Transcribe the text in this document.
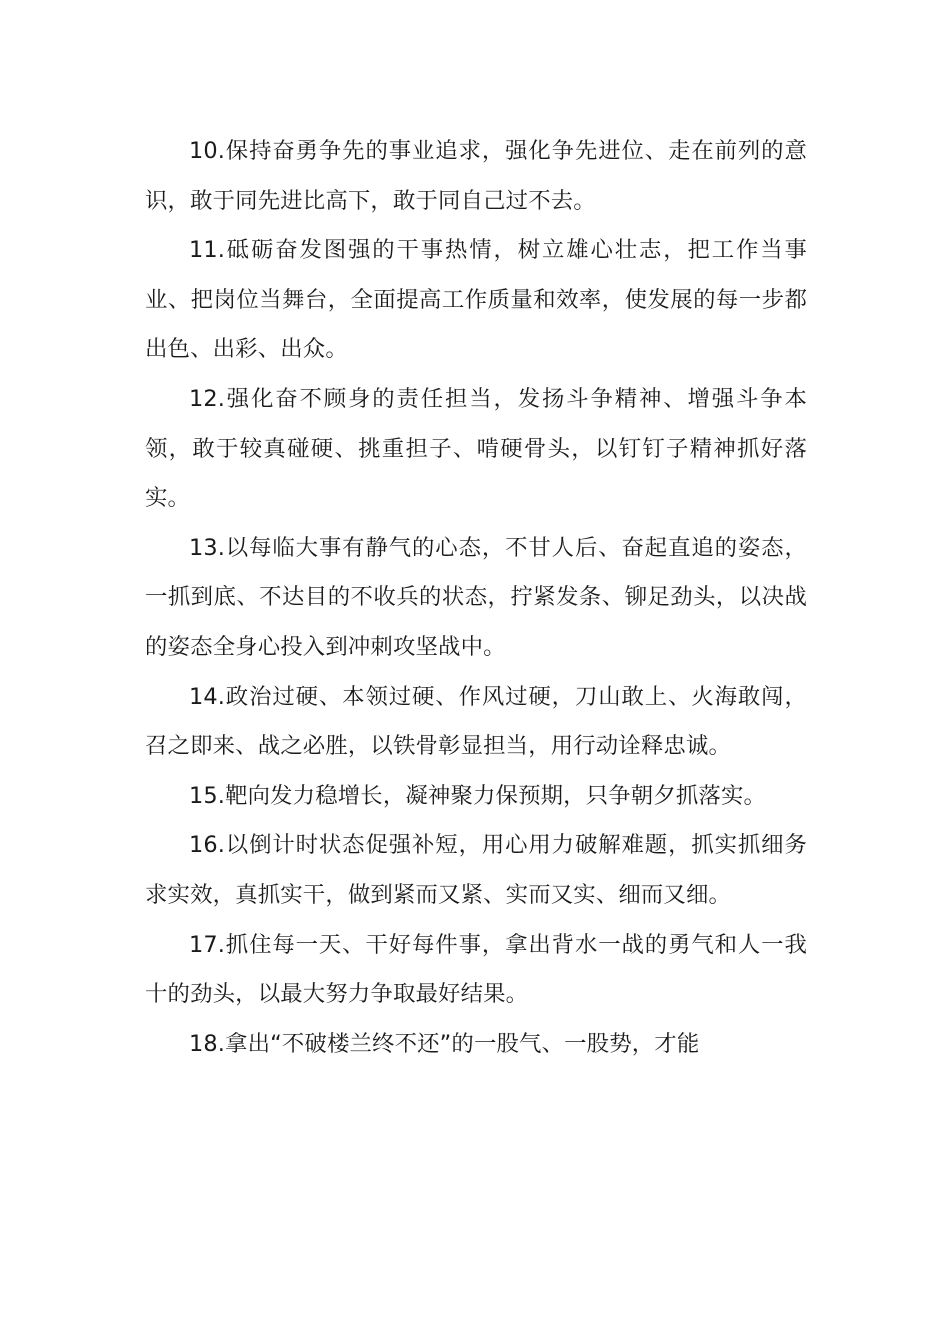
10.保持奋勇争先的事业追求，强化争先进位、走在前列的意识，敢于同先进比高下，敢于同自己过不去。

11.砥砺奋发图强的干事热情，树立雄心壮志，把工作当事业、把岗位当舞台，全面提高工作质量和效率，使发展的每一步都出色、出彩、出众。

12.强化奋不顾身的责任担当，发扬斗争精神、增强斗争本领，敢于较真碰硬、挑重担子、啃硬骨头，以钉钉子精神抓好落实。

13.以每临大事有静气的心态，不甘人后、奋起直追的姿态，一抓到底、不达目的不收兵的状态，拧紧发条、铆足劲头，以决战的姿态全身心投入到冲刺攻坚战中。

14.政治过硬、本领过硬、作风过硬，刀山敢上、火海敢闯，召之即来、战之必胜，以铁骨彰显担当，用行动诠释忠诚。

15.靶向发力稳增长，凝神聚力保预期，只争朝夕抓落实。

16.以倒计时状态促强补短，用心用力破解难题，抓实抓细务求实效，真抓实干，做到紧而又紧、实而又实、细而又细。

17.抓住每一天、干好每件事，拿出背水一战的勇气和人一我十的劲头，以最大努力争取最好结果。

18.拿出“不破楼兰终不还”的一股气、一股势，才能
